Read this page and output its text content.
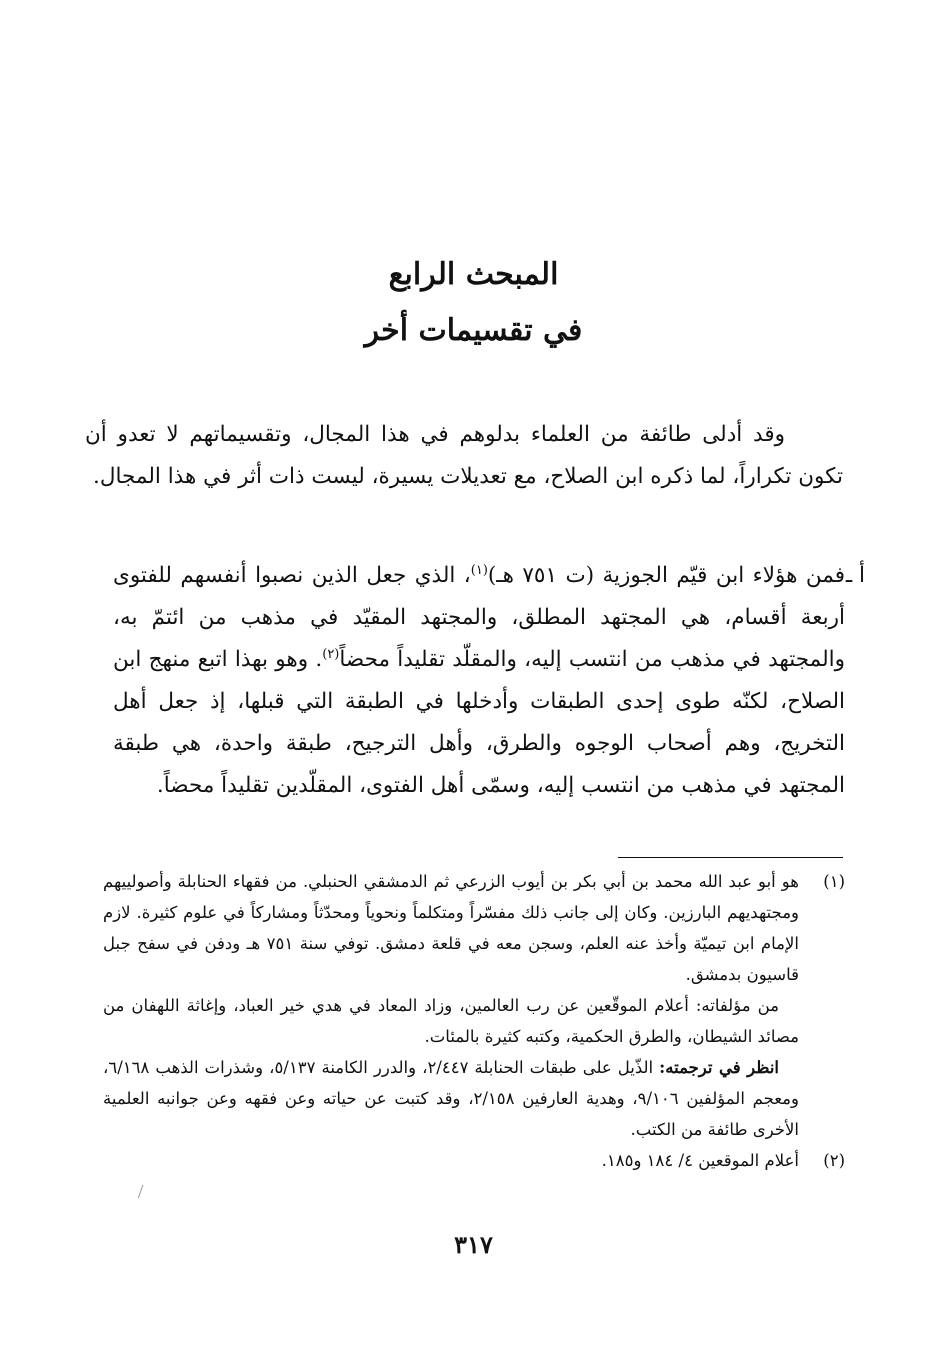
المبحث الرابع
في تقسيمات أخر

وقد أدلى طائفة من العلماء بدلوهم في هذا المجال، وتقسيماتهم لا تعدو أن تكون تكراراً، لما ذكره ابن الصلاح، مع تعديلات يسيرة، ليست ذات أثر في هذا المجال.

أ ـ

فمن هؤلاء ابن قيّم الجوزية (ت ٧٥١ هـ)$^{(١)}$، الذي جعل الذين نصبوا أنفسهم للفتوى أربعة أقسام، هي المجتهد المطلق، والمجتهد المقيّد في مذهب من ائتمّ به، والمجتهد في مذهب من انتسب إليه، والمقلّد تقليداً محضاً$^{(٢)}$. وهو بهذا اتبع منهج ابن الصلاح، لكنّه طوى إحدى الطبقات وأدخلها في الطبقة التي قبلها، إذ جعل أهل التخريج، وهم أصحاب الوجوه والطرق، وأهل الترجيح، طبقة واحدة، هي طبقة المجتهد في مذهب من انتسب إليه، وسمّى أهل الفتوى، المقلّدين تقليداً محضاً.

(١)
هو أبو عبد الله محمد بن أبي بكر بن أيوب الزرعي ثم الدمشقي الحنبلي. من فقهاء الحنابلة وأصولييهم ومجتهديهم البارزين. وكان إلى جانب ذلك مفسّراً ومتكلماً ونحوياً ومحدّثاً ومشاركاً في علوم كثيرة. لازم الإمام ابن تيميّة وأخذ عنه العلم، وسجن معه في قلعة دمشق. توفي سنة ٧٥١ هـ ودفن في سفح جبل قاسيون بدمشق.
من مؤلفاته: أعلام الموقّعين عن رب العالمين، وزاد المعاد في هدي خير العباد، وإغاثة اللهفان من مصائد الشيطان، والطرق الحكمية، وكتبه كثيرة بالمئات.
انظر في ترجمته: الذّيل على طبقات الحنابلة ٢/٤٤٧، والدرر الكامنة ٥/١٣٧، وشذرات الذهب ٦/١٦٨، ومعجم المؤلفين ٩/١٠٦، وهدية العارفين ٢/١٥٨، وقد كتبت عن حياته وعن فقهه وعن جوانبه العلمية الأخرى طائفة من الكتب.
(٢)
أعلام الموقعين ٤/ ١٨٤ و١٨٥.
٣١٧
